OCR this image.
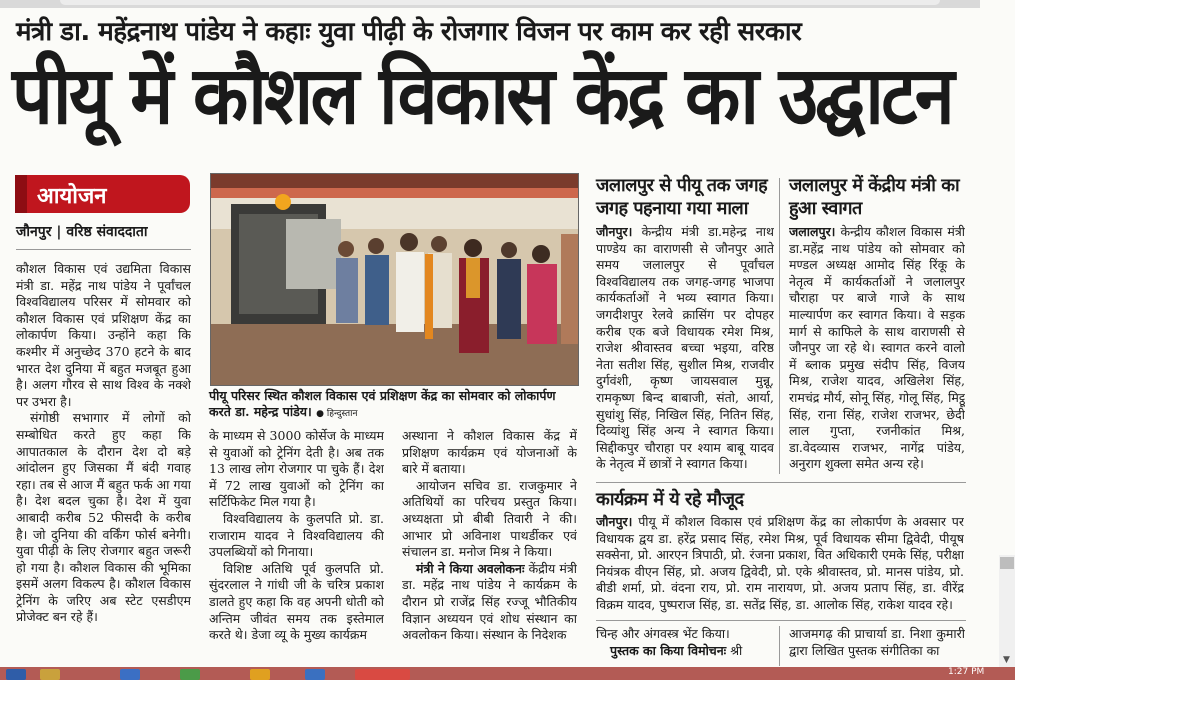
मंत्री डा. महेंद्रनाथ पांडेय ने कहाः युवा पीढ़ी के रोजगार विजन पर काम कर रही सरकार
पीयू में कौशल विकास केंद्र का उद्घाटन
आयोजन
जौनपुर | वरिष्ठ संवाददाता

कौशल विकास एवं उद्यमिता विकास मंत्री डा. महेंद्र नाथ पांडेय ने पूर्वांचल विश्वविद्यालय परिसर में सोमवार को कौशल विकास एवं प्रशिक्षण केंद्र का लोकार्पण किया। उन्होंने कहा कि कश्मीर में अनुच्छेद 370 हटने के बाद भारत देश दुनिया में बहुत मजबूत हुआ है। अलग गौरव से साथ विश्व के नक्शे पर उभरा है।

संगोष्ठी सभागार में लोगों को सम्बोधित करते हुए कहा कि आपातकाल के दौरान देश दो बड़े आंदोलन हुए जिसका मैं बंदी गवाह रहा। तब से आज मैं बहुत फर्क आ गया है। देश बदल चुका है। देश में युवा आबादी करीब 52 फीसदी के करीब है। जो दुनिया की वर्किंग फोर्स बनेगी। युवा पीढ़ी के लिए रोजगार बहुत जरूरी हो गया है। कौशल विकास की भूमिका इसमें अलग विकल्प है। कौशल विकास ट्रेनिंग के जरिए अब स्टेट एसडीएम प्रोजेक्ट बन रहे हैं।

पीयू परिसर स्थित कौशल विकास एवं प्रशिक्षण केंद्र का सोमवार को लोकार्पण करते डा. महेन्द्र पांडेय। ● हिन्दुस्तान

के माध्यम से 3000 कोर्सेज के माध्यम से युवाओं को ट्रेनिंग देती है। अब तक 13 लाख लोग रोजगार पा चुके हैं। देश में 72 लाख युवाओं को ट्रेनिंग का सर्टिफिकेट मिल गया है।

विश्वविद्यालय के कुलपति प्रो. डा. राजाराम यादव ने विश्वविद्यालय की उपलब्धियों को गिनाया।

विशिष्ट अतिथि पूर्व कुलपति प्रो. सुंदरलाल ने गांधी जी के चरित्र प्रकाश डालते हुए कहा कि वह अपनी धोती को अन्तिम जीवंत समय तक इस्तेमाल करते थे। डेजा व्यू के मुख्य कार्यक्रम

अस्थाना ने कौशल विकास केंद्र में प्रशिक्षण कार्यक्रम एवं योजनाओं के बारे में बताया।

आयोजन सचिव डा. राजकुमार ने अतिथियों का परिचय प्रस्तुत किया। अध्यक्षता प्रो बीबी तिवारी ने की। आभार प्रो अविनाश पाथर्डीकर एवं संचालन डा. मनोज मिश्र ने किया।

मंत्री ने किया अवलोकनः केंद्रीय मंत्री डा. महेंद्र नाथ पांडेय ने कार्यक्रम के दौरान प्रो राजेंद्र सिंह रज्जू भौतिकीय विज्ञान अध्ययन एवं शोध संस्थान का अवलोकन किया। संस्थान के निदेशक

जलालपुर से पीयू तक जगह जगह पहनाया गया माला

जौनपुर। केन्द्रीय मंत्री डा.महेन्द्र नाथ पाण्डेय का वाराणसी से जौनपुर आते समय जलालपुर से पूर्वांचल विश्वविद्यालय तक जगह-जगह भाजपा कार्यकर्ताओं ने भव्य स्वागत किया। जगदीशपुर रेलवे क्रासिंग पर दोपहर करीब एक बजे विधायक रमेश मिश्र, राजेश श्रीवास्तव बच्चा भइया, वरिष्ठ नेता सतीश सिंह, सुशील मिश्र, राजवीर दुर्गवंशी, कृष्ण जायसवाल मुन्नू, रामकृष्ण बिन्द बाबाजी, संतो, आर्या, सुधांशु सिंह, निखिल सिंह, नितिन सिंह, दिव्यांशु सिंह अन्य ने स्वागत किया। सिद्दीकपुर चौराहा पर श्याम बाबू यादव के नेतृत्व में छात्रों ने स्वागत किया।

जलालपुर में केंद्रीय मंत्री का हुआ स्वागत

जलालपुर। केन्द्रीय कौशल विकास मंत्री डा.महेंद्र नाथ पांडेय को सोमवार को मण्डल अध्यक्ष आमोद सिंह रिंकू के नेतृत्व में कार्यकर्ताओं ने जलालपुर चौराहा पर बाजे गाजे के साथ माल्यार्पण कर स्वागत किया। वे सड़क मार्ग से काफिले के साथ वाराणसी से जौनपुर जा रहे थे। स्वागत करने वालो में ब्लाक प्रमुख संदीप सिंह, विजय मिश्र, राजेश यादव, अखिलेश सिंह, रामचंद्र मौर्य, सोनू सिंह, गोलू सिंह, मिट्ठू सिंह, राना सिंह, राजेश राजभर, छेदी लाल गुप्ता, रजनीकांत मिश्र, डा.वेदव्यास राजभर, नागेंद्र पांडेय, अनुराग शुक्ला समेत अन्य रहे।

कार्यक्रम में ये रहे मौजूद

जौनपुर। पीयू में कौशल विकास एवं प्रशिक्षण केंद्र का लोकार्पण के अवसार पर विधायक द्वय डा. हरेंद्र प्रसाद सिंह, रमेश मिश्र, पूर्व विधायक सीमा द्विवेदी, पीयूष सक्सेना, प्रो. आरएन त्रिपाठी, प्रो. रंजना प्रकाश, वित अधिकारी एमके सिंह, परीक्षा नियंत्रक वीएन सिंह, प्रो. अजय द्विवेदी, प्रो. एके श्रीवास्तव, प्रो. मानस पांडेय, प्रो. बीडी शर्मा, प्रो. वंदना राय, प्रो. राम नारायण, प्रो. अजय प्रताप सिंह, डा. वीरेंद्र विक्रम यादव, पुष्पराज सिंह, डा. सतेंद्र सिंह, डा. आलोक सिंह, राकेश यादव रहे।

चिन्ह और अंगवस्त्र भेंट किया।

पुस्तक का किया विमोचनः श्री

आजमगढ़ की प्राचार्या डा. निशा कुमारी द्वारा लिखित पुस्तक संगीतिका का

▼
1:27 PM
